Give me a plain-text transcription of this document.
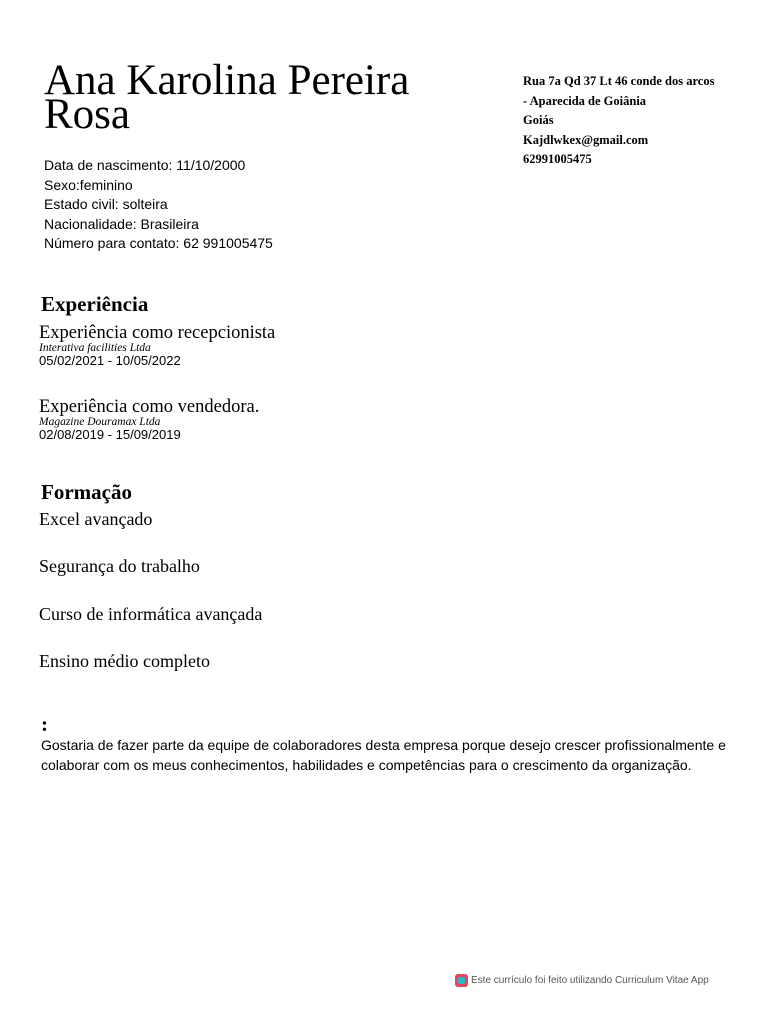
Ana Karolina Pereira Rosa
Data de nascimento: 11/10/2000
Sexo:feminino
Estado civil: solteira
Nacionalidade: Brasileira
Número para contato: 62 991005475
Rua 7a Qd 37 Lt 46 conde dos arcos
- Aparecida de Goiânia
Goiás
Kajdlwkex@gmail.com
62991005475
Experiência
Experiência como recepcionista
Interativa facilities Ltda
05/02/2021 - 10/05/2022
Experiência como vendedora.
Magazine Douramax Ltda
02/08/2019 - 15/09/2019
Formação
Excel avançado
Segurança do trabalho
Curso de informática avançada
Ensino médio completo
:
Gostaria de fazer parte da equipe de colaboradores desta empresa porque desejo crescer profissionalmente e colaborar com os meus conhecimentos, habilidades e competências para o crescimento da organização.
Este currículo foi feito utilizando Curriculum Vitae App
